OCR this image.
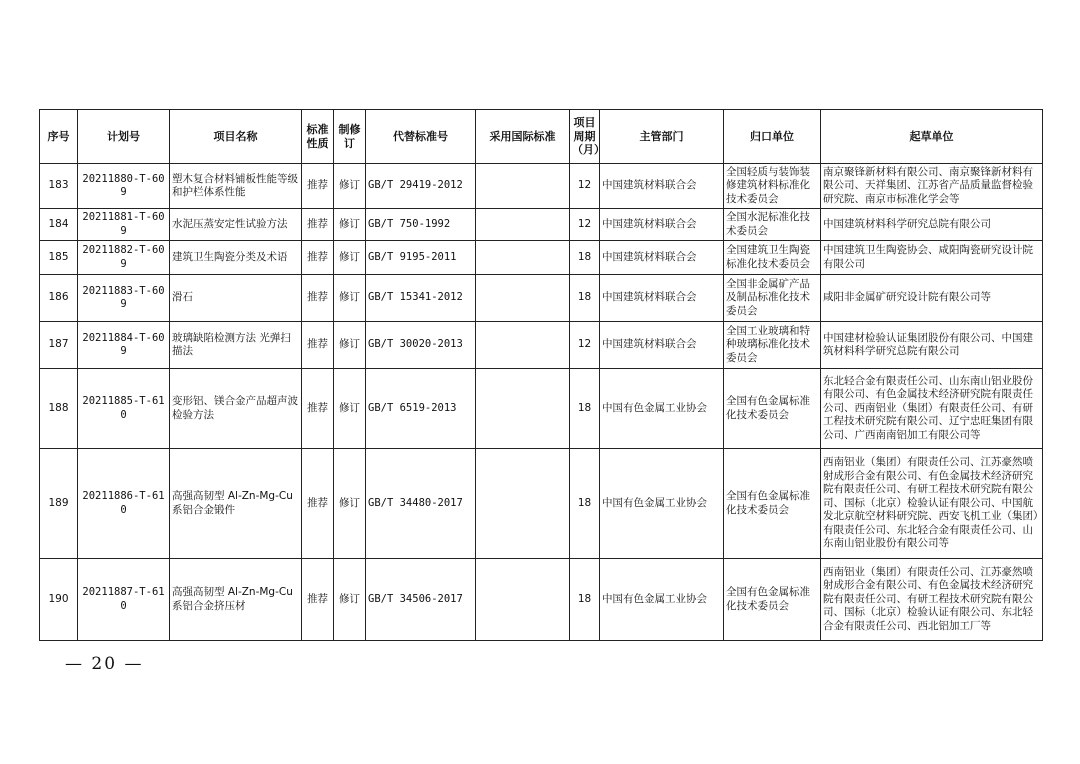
序号	计划号	项目名称	标准性质	制修订	代替标准号	采用国际标准	项目周期（月）	主管部门	归口单位	起草单位
183	20211880-T-609	塑木复合材料铺板性能等级和护栏体系性能	推荐	修订	GB/T 29419-2012		12	中国建筑材料联合会	全国轻质与装饰装修建筑材料标准化技术委员会	南京聚锋新材料有限公司、南京聚锋新材料有限公司、天祥集团、江苏省产品质量监督检验研究院、南京市标准化学会等
184	20211881-T-609	水泥压蒸安定性试验方法	推荐	修订	GB/T 750-1992		12	中国建筑材料联合会	全国水泥标准化技术委员会	中国建筑材料科学研究总院有限公司
185	20211882-T-609	建筑卫生陶瓷分类及术语	推荐	修订	GB/T 9195-2011		18	中国建筑材料联合会	全国建筑卫生陶瓷标准化技术委员会	中国建筑卫生陶瓷协会、咸阳陶瓷研究设计院有限公司
186	20211883-T-609	滑石	推荐	修订	GB/T 15341-2012		18	中国建筑材料联合会	全国非金属矿产品及制品标准化技术委员会	咸阳非金属矿研究设计院有限公司等
187	20211884-T-609	玻璃缺陷检测方法 光弹扫描法	推荐	修订	GB/T 30020-2013		12	中国建筑材料联合会	全国工业玻璃和特种玻璃标准化技术委员会	中国建材检验认证集团股份有限公司、中国建筑材料科学研究总院有限公司
188	20211885-T-610	变形铝、镁合金产品超声波检验方法	推荐	修订	GB/T 6519-2013		18	中国有色金属工业协会	全国有色金属标准化技术委员会	东北轻合金有限责任公司、山东南山铝业股份有限公司、有色金属技术经济研究院有限责任公司、西南铝业（集团）有限责任公司、有研工程技术研究院有限公司、辽宁忠旺集团有限公司、广西南南铝加工有限公司等
189	20211886-T-610	高强高韧型 Al-Zn-Mg-Cu 系铝合金锻件	推荐	修订	GB/T 34480-2017		18	中国有色金属工业协会	全国有色金属标准化技术委员会	西南铝业（集团）有限责任公司、江苏豪然喷射成形合金有限公司、有色金属技术经济研究院有限责任公司、有研工程技术研究院有限公司、国标（北京）检验认证有限公司、中国航发北京航空材料研究院、西安飞机工业（集团）有限责任公司、东北轻合金有限责任公司、山东南山铝业股份有限公司等
190	20211887-T-610	高强高韧型 Al-Zn-Mg-Cu 系铝合金挤压材	推荐	修订	GB/T 34506-2017		18	中国有色金属工业协会	全国有色金属标准化技术委员会	西南铝业（集团）有限责任公司、江苏豪然喷射成形合金有限公司、有色金属技术经济研究院有限责任公司、有研工程技术研究院有限公司、国标（北京）检验认证有限公司、东北轻合金有限责任公司、西北铝加工厂等
— 20 —
